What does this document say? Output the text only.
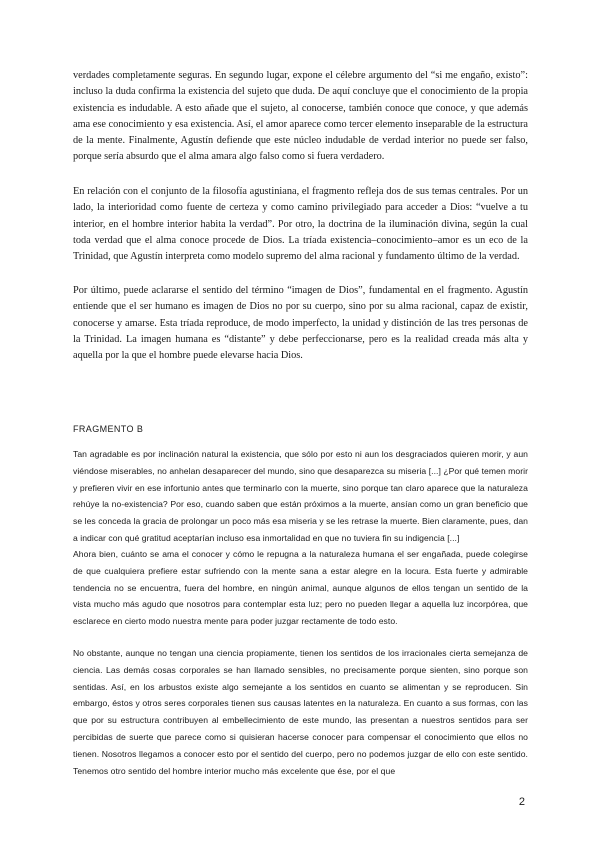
verdades completamente seguras. En segundo lugar, expone el célebre argumento del “si me engaño, existo”: incluso la duda confirma la existencia del sujeto que duda. De aquí concluye que el conocimiento de la propia existencia es indudable. A esto añade que el sujeto, al conocerse, también conoce que conoce, y que además ama ese conocimiento y esa existencia. Así, el amor aparece como tercer elemento inseparable de la estructura de la mente. Finalmente, Agustín defiende que este núcleo indudable de verdad interior no puede ser falso, porque sería absurdo que el alma amara algo falso como si fuera verdadero.

En relación con el conjunto de la filosofía agustiniana, el fragmento refleja dos de sus temas centrales. Por un lado, la interioridad como fuente de certeza y como camino privilegiado para acceder a Dios: “vuelve a tu interior, en el hombre interior habita la verdad”. Por otro, la doctrina de la iluminación divina, según la cual toda verdad que el alma conoce procede de Dios. La tríada existencia–conocimiento–amor es un eco de la Trinidad, que Agustín interpreta como modelo supremo del alma racional y fundamento último de la verdad.

Por último, puede aclararse el sentido del término “imagen de Dios”, fundamental en el fragmento. Agustín entiende que el ser humano es imagen de Dios no por su cuerpo, sino por su alma racional, capaz de existir, conocerse y amarse. Esta tríada reproduce, de modo imperfecto, la unidad y distinción de las tres personas de la Trinidad. La imagen humana es “distante” y debe perfeccionarse, pero es la realidad creada más alta y aquella por la que el hombre puede elevarse hacia Dios.

FRAGMENTO B

Tan agradable es por inclinación natural la existencia, que sólo por esto ni aun los desgraciados quieren morir, y aun viéndose miserables, no anhelan desaparecer del mundo, sino que desaparezca su miseria [...] ¿Por qué temen morir y prefieren vivir en ese infortunio antes que terminarlo con la muerte, sino porque tan claro aparece que la naturaleza rehúye la no-existencia? Por eso, cuando saben que están próximos a la muerte, ansían como un gran beneficio que se les conceda la gracia de prolongar un poco más esa miseria y se les retrase la muerte. Bien claramente, pues, dan a indicar con qué gratitud aceptarían incluso esa inmortalidad en que no tuviera fin su indigencia [...]

Ahora bien, cuánto se ama el conocer y cómo le repugna a la naturaleza humana el ser engañada, puede colegirse de que cualquiera prefiere estar sufriendo con la mente sana a estar alegre en la locura. Esta fuerte y admirable tendencia no se encuentra, fuera del hombre, en ningún animal, aunque algunos de ellos tengan un sentido de la vista mucho más agudo que nosotros para contemplar esta luz; pero no pueden llegar a aquella luz incorpórea, que esclarece en cierto modo nuestra mente para poder juzgar rectamente de todo esto.

No obstante, aunque no tengan una ciencia propiamente, tienen los sentidos de los irracionales cierta semejanza de ciencia. Las demás cosas corporales se han llamado sensibles, no precisamente porque sienten, sino porque son sentidas. Así, en los arbustos existe algo semejante a los sentidos en cuanto se alimentan y se reproducen. Sin embargo, éstos y otros seres corporales tienen sus causas latentes en la naturaleza. En cuanto a sus formas, con las que por su estructura contribuyen al embellecimiento de este mundo, las presentan a nuestros sentidos para ser percibidas de suerte que parece como si quisieran hacerse conocer para compensar el conocimiento que ellos no tienen. Nosotros llegamos a conocer esto por el sentido del cuerpo, pero no podemos juzgar de ello con este sentido. Tenemos otro sentido del hombre interior mucho más excelente que ése, por el que

2
